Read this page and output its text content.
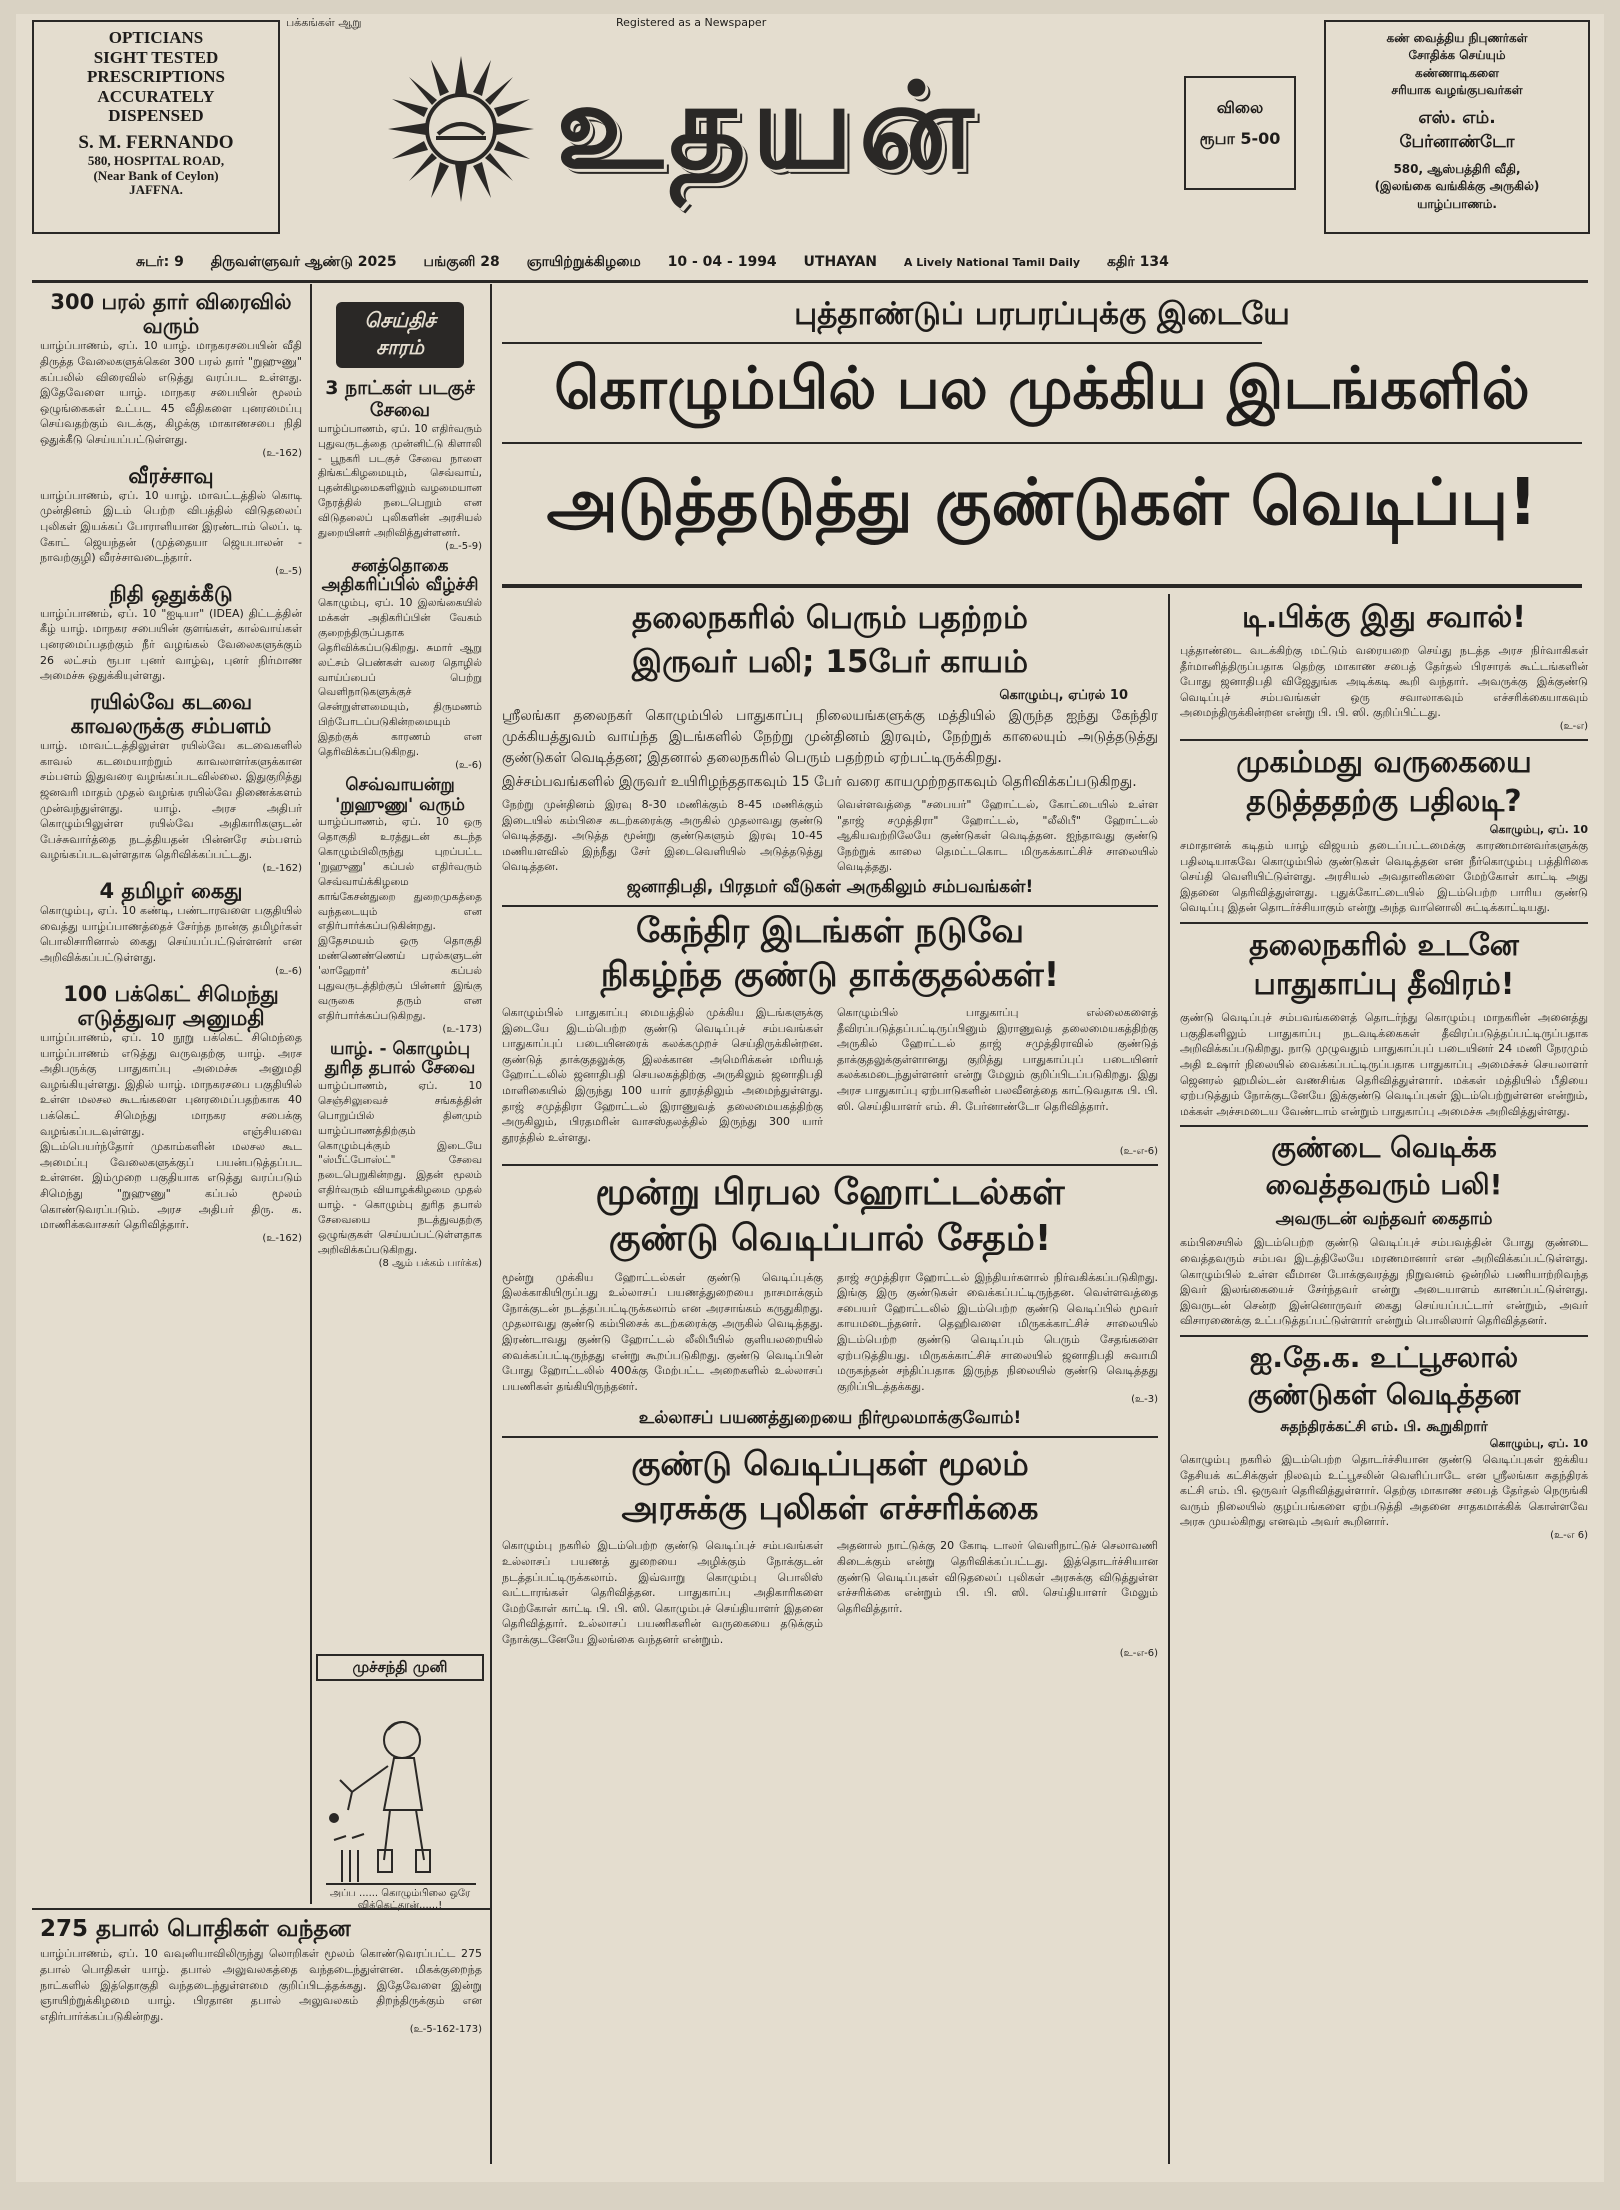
பக்கங்கள் ஆறு	Registered as a Newspaper
OPTICIANS
SIGHT TESTED
PRESCRIPTIONS
ACCURATELY
DISPENSED
S. M. FERNANDO
580, HOSPITAL ROAD,
(Near Bank of Ceylon)
JAFFNA.	உதயன்	விலை
ரூபா 5-00
கண் வைத்திய நிபுணர்கள்
சோதிக்க செய்யும்
கண்ணாடிகளை
சரியாக வழங்குபவர்கள்
எஸ். எம்.
பேர்னாண்டோ
580, ஆஸ்பத்திரி வீதி,
(இலங்கை வங்கிக்கு அருகில்)
யாழ்ப்பாணம்.
சுடர்: 9 திருவள்ளுவர் ஆண்டு 2025 பங்குனி 28 ஞாயிற்றுக்கிழமை 10 - 04 - 1994 UTHAYAN A Lively National Tamil Daily கதிர் 134
300 பரல் தார் விரைவில் வரும்
யாழ்ப்பாணம், ஏப். 10 யாழ். மாநகரசபையின் வீதி திருத்த வேலைகளுக்கென 300 பரல் தார் "றுஹுணு" கப்பலில் விரைவில் எடுத்து வரப்பட உள்ளது. இதேவேளை யாழ். மாநகர சபையின் மூலம் ஒழுங்கைகள் உட்பட 45 வீதிகளை புனரமைப்பு செய்வதற்கும் வடக்கு, கிழக்கு மாகாணசபை நிதி ஒதுக்கீடு செய்யப்பட்டுள்ளது.
(உ-162)
வீரச்சாவு
யாழ்ப்பாணம், ஏப். 10 யாழ். மாவட்டத்தில் கொடி முன்தினம் இடம் பெற்ற விபத்தில் விடுதலைப் புலிகள் இயக்கப் போராளியான இரண்டாம் லெப். டி கோட் ஜெயந்தன் (முத்தையா ஜெயபாலன் - நாவற்குழி) வீரச்சாவடைந்தார்.
(உ-5)
நிதி ஒதுக்கீடு
யாழ்ப்பாணம், ஏப். 10 "ஐடியா" (IDEA) திட்டத்தின் கீழ் யாழ். மாநகர சபையின் குளங்கள், கால்வாய்கள் புனரமைப்பதற்கும் நீர் வழங்கல் வேலைகளுக்கும் 26 லட்சம் ரூபா புனர் வாழ்வு, புனர் நிர்மாண அமைச்சு ஒதுக்கியுள்ளது.
ரயில்வே கடவை காவலருக்கு சம்பளம்
யாழ். மாவட்டத்திலுள்ள ரயில்வே கடவைகளில் காவல் கடமையாற்றும் காவலாளர்களுக்கான சம்பளம் இதுவரை வழங்கப்படவில்லை. இதுகுறித்து ஜனவரி மாதம் முதல் வழங்க ரயில்வே திணைக்களம் முன்வந்துள்ளது. யாழ். அரச அதிபர் கொழும்பிலுள்ள ரயில்வே அதிகாரிகளுடன் பேச்சுவார்த்தை நடத்தியதன் பின்னரே சம்பளம் வழங்கப்படவுள்ளதாக தெரிவிக்கப்பட்டது.
(உ-162)
4 தமிழர் கைது
கொழும்பு, ஏப். 10 கண்டி, பண்டாரவளை பகுதியில் வைத்து யாழ்ப்பாணத்தைச் சேர்ந்த நான்கு தமிழர்கள் பொலிசாரினால் கைது செய்யப்பட்டுள்ளனர் என அறிவிக்கப்பட்டுள்ளது.
(உ-6)
100 பக்கெட் சிமெந்து எடுத்துவர அனுமதி
யாழ்ப்பாணம், ஏப். 10 நூறு பக்கெட் சிமெந்தை யாழ்ப்பாணம் எடுத்து வருவதற்கு யாழ். அரச அதிபருக்கு பாதுகாப்பு அமைச்சு அனுமதி வழங்கியுள்ளது. இதில் யாழ். மாநகரசபை பகுதியில் உள்ள மலசல கூடங்களை புனரமைப்பதற்காக 40 பக்கெட் சிமெந்து மாநகர சபைக்கு வழங்கப்படவுள்ளது. எஞ்சியவை இடம்பெயர்ந்தோர் முகாம்களின் மலசல கூட அமைப்பு வேலைகளுக்குப் பயன்படுத்தப்பட உள்ளன. இம்முறை பகுதியாக எடுத்து வரப்படும் சிமெந்து "றுஹுணு" கப்பல் மூலம் கொண்டுவரப்படும். அரச அதிபர் திரு. க. மாணிக்கவாசகர் தெரிவித்தார்.
(உ-162)
செய்திச்
சாரம்
3 நாட்கள் படகுச் சேவை
யாழ்ப்பாணம், ஏப். 10 எதிர்வரும் புதுவருடத்தை முன்னிட்டு கிளாலி - பூநகரி படகுச் சேவை நாளை திங்கட்கிழமையும், செவ்வாய், புதன்கிழமைகளிலும் வழமையான நேரத்தில் நடைபெறும் என விடுதலைப் புலிகளின் அரசியல் துறையினர் அறிவித்துள்ளனர்.
(உ-5-9)
சனத்தொகை அதிகரிப்பில் வீழ்ச்சி
கொழும்பு, ஏப். 10 இலங்கையில் மக்கள் அதிகரிப்பின் வேகம் குறைந்திருப்பதாக தெரிவிக்கப்படுகிறது. சுமார் ஆறு லட்சம் பெண்கள் வரை தொழில் வாய்ப்பைப் பெற்று வெளிநாடுகளுக்குச் சென்றுள்ளமையும், திருமணம் பிற்போடப்படுகின்றமையும் இதற்குக் காரணம் என தெரிவிக்கப்படுகிறது.
(உ-6)
செவ்வாயன்று 'றுஹுணு' வரும்
யாழ்ப்பாணம், ஏப். 10 ஒரு தொகுதி உரத்துடன் கடந்த கொழும்பிலிருந்து புறப்பட்ட 'றுஹுணு' கப்பல் எதிர்வரும் செவ்வாய்க்கிழமை காங்கேசன்துறை துறைமுகத்தை வந்தடையும் என எதிர்பார்க்கப்படுகின்றது. இதேசமயம் ஒரு தொகுதி மண்ணெண்ணெய் பரல்களுடன் 'லாஹோர்' கப்பல் புதுவருடத்திற்குப் பின்னர் இங்கு வருகை தரும் என எதிர்பார்க்கப்படுகிறது.
(உ-173)
யாழ். - கொழும்பு துரித தபால் சேவை
யாழ்ப்பாணம், ஏப். 10 செஞ்சிலுவைச் சங்கத்தின் பொறுப்பில் தினமும் யாழ்ப்பாணத்திற்கும் கொழும்புக்கும் இடையே "ஸ்பீட்போஸ்ட்" சேவை நடைபெறுகின்றது. இதன் மூலம் எதிர்வரும் வியாழக்கிழமை முதல் யாழ். - கொழும்பு துரித தபால் சேவையை நடத்துவதற்கு ஒழுங்குகள் செய்யப்பட்டுள்ளதாக அறிவிக்கப்படுகிறது.
(8 ஆம் பக்கம் பார்க்க)
முச்சந்தி முனி
அப்ப ...... கொழும்பிலை ஒரே விக்கெட்தான்......!
275 தபால் பொதிகள் வந்தன
யாழ்ப்பாணம், ஏப். 10 வவுனியாவிலிருந்து லொறிகள் மூலம் கொண்டுவரப்பட்ட 275 தபால் பொதிகள் யாழ். தபால் அலுவலகத்தை வந்தடைந்துள்ளன. மிகக்குறைந்த நாட்களில் இத்தொகுதி வந்தடைந்துள்ளமை குறிப்பிடத்தக்கது. இதேவேளை இன்று ஞாயிற்றுக்கிழமை யாழ். பிரதான தபால் அலுவலகம் திறந்திருக்கும் என எதிர்பார்க்கப்படுகின்றது.
(உ-5-162-173)
புத்தாண்டுப் பரபரப்புக்கு இடையே
கொழும்பில் பல முக்கிய இடங்களில்
அடுத்தடுத்து குண்டுகள் வெடிப்பு!
தலைநகரில் பெரும் பதற்றம்
இருவர் பலி; 15பேர் காயம்
கொழும்பு, ஏப்ரல் 10

ஸ்ரீலங்கா தலைநகர் கொழும்பில் பாதுகாப்பு நிலையங்களுக்கு மத்தியில் இருந்த ஐந்து கேந்திர முக்கியத்துவம் வாய்ந்த இடங்களில் நேற்று முன்தினம் இரவும், நேற்றுக் காலையும் அடுத்தடுத்து குண்டுகள் வெடித்தன; இதனால் தலைநகரில் பெரும் பதற்றம் ஏற்பட்டிருக்கிறது.

இச்சம்பவங்களில் இருவர் உயிரிழந்ததாகவும் 15 பேர் வரை காயமுற்றதாகவும் தெரிவிக்கப்படுகிறது.

நேற்று முன்தினம் இரவு 8-30 மணிக்கும் 8-45 மணிக்கும் இடையில் கம்பிசை கடற்கரைக்கு அருகில் முதலாவது குண்டு வெடித்தது. அடுத்த மூன்று குண்டுகளும் இரவு 10-45 மணியளவில் இந்நீது சேர் இடைவெளியில் அடுத்தடுத்து வெடித்தன.
வெள்ளவத்தை "சபையர்" ஹோட்டல், கோட்டையில் உள்ள "தாஜ் சமுத்திரா" ஹோட்டல், "லீலிபீ" ஹோட்டல் ஆகியவற்றிலேயே குண்டுகள் வெடித்தன. ஐந்தாவது குண்டு நேற்றுக் காலை தெமட்டகொட மிருகக்காட்சிச் சாலையில் வெடித்தது.
ஜனாதிபதி, பிரதமர் வீடுகள் அருகிலும் சம்பவங்கள்!
கேந்திர இடங்கள் நடுவே
நிகழ்ந்த குண்டு தாக்குதல்கள்!
கொழும்பில் பாதுகாப்பு மையத்தில் முக்கிய இடங்களுக்கு இடையே இடம்பெற்ற குண்டு வெடிப்புச் சம்பவங்கள் பாதுகாப்புப் படையினரைக் கலக்கமுறச் செய்திருக்கின்றன. குண்டுத் தாக்குதலுக்கு இலக்கான அமெரிக்கன் மரியத் ஹோட்டலில் ஜனாதிபதி செயலகத்திற்கு அருகிலும் ஜனாதிபதி மாளிகையில் இருந்து 100 யார் தூரத்திலும் அமைந்துள்ளது. தாஜ் சமுத்திரா ஹோட்டல் இராணுவத் தலைமையகத்திற்கு அருகிலும், பிரதமரின் வாசஸ்தலத்தில் இருந்து 300 யார் தூரத்தில் உள்ளது.
கொழும்பில் பாதுகாப்பு எல்லைகளைத் தீவிரப்படுத்தப்பட்டிருப்பினும் இராணுவத் தலைமையகத்திற்கு அருகில் ஹோட்டல் தாஜ் சமுத்திராவில் குண்டுத் தாக்குதலுக்குள்ளானது குறித்து பாதுகாப்புப் படையினர் கலக்கமடைந்துள்ளனர் என்று மேலும் குறிப்பிடப்படுகிறது. இது அரச பாதுகாப்பு ஏற்பாடுகளின் பலவீனத்தை காட்டுவதாக பி. பி. ஸி. செய்தியாளர் எம். சி. பேர்னாண்டோ தெரிவித்தார்.
(உ-எ-6)
மூன்று பிரபல ஹோட்டல்கள்
குண்டு வெடிப்பால் சேதம்!
மூன்று முக்கிய ஹோட்டல்கள் குண்டு வெடிப்புக்கு இலக்காகியிருப்பது உல்லாசப் பயணத்துறையை நாசமாக்கும் நோக்குடன் நடத்தப்பட்டிருக்கலாம் என அரசாங்கம் கருதுகிறது. முதலாவது குண்டு கம்பிசைக் கடற்கரைக்கு அருகில் வெடித்தது. இரண்டாவது குண்டு ஹோட்டல் லீலிபீயில் குளியலறையில் வைக்கப்பட்டிருந்தது என்று கூறப்படுகிறது. குண்டு வெடிப்பின் போது ஹோட்டலில் 400க்கு மேற்பட்ட அறைகளில் உல்லாசப் பயணிகள் தங்கியிருந்தனர்.
தாஜ் சமுத்திரா ஹோட்டல் இந்தியர்களால் நிர்வகிக்கப்படுகிறது. இங்கு இரு குண்டுகள் வைக்கப்பட்டிருந்தன. வெள்ளவத்தை சபையர் ஹோட்டலில் இடம்பெற்ற குண்டு வெடிப்பில் மூவர் காயமடைந்தனர். தெஹிவளை மிருகக்காட்சிச் சாலையில் இடம்பெற்ற குண்டு வெடிப்பும் பெரும் சேதங்களை ஏற்படுத்தியது. மிருகக்காட்சிச் சாலையில் ஜனாதிபதி சுவாமி மருகந்தன் சந்திப்பதாக இருந்த நிலையில் குண்டு வெடித்தது குறிப்பிடத்தக்கது.
(உ-3)
உல்லாசப் பயணத்துறையை நிர்மூலமாக்குவோம்!
குண்டு வெடிப்புகள் மூலம்
அரசுக்கு புலிகள் எச்சரிக்கை
கொழும்பு நகரில் இடம்பெற்ற குண்டு வெடிப்புச் சம்பவங்கள் உல்லாசப் பயணத் துறையை அழிக்கும் நோக்குடன் நடத்தப்பட்டிருக்கலாம். இவ்வாறு கொழும்பு பொலிஸ் வட்டாரங்கள் தெரிவித்தன. பாதுகாப்பு அதிகாரிகளை மேற்கோள் காட்டி பி. பி. ஸி. கொழும்புச் செய்தியாளர் இதனை தெரிவித்தார். உல்லாசப் பயணிகளின் வருகையை தடுக்கும் நோக்குடனேயே இலங்கை வந்தனர் என்றும்.
அதனால் நாட்டுக்கு 20 கோடி டாலர் வெளிநாட்டுச் செலாவணி கிடைக்கும் என்று தெரிவிக்கப்பட்டது. இத்தொடர்ச்சியான குண்டு வெடிப்புகள் விடுதலைப் புலிகள் அரசுக்கு விடுத்துள்ள எச்சரிக்கை என்றும் பி. பி. ஸி. செய்தியாளர் மேலும் தெரிவித்தார்.
(உ-எ-6)
டி.பிக்கு இது சவால்!
புத்தாண்டை வடக்கிற்கு மட்டும் வரையறை செய்து நடத்த அரச நிர்வாகிகள் தீர்மானித்திருப்பதாக தெற்கு மாகாண சபைத் தேர்தல் பிரசாரக் கூட்டங்களின் போது ஜனாதிபதி விஜேதுங்க அடிக்கடி கூறி வந்தார். அவருக்கு இக்குண்டு வெடிப்புச் சம்பவங்கள் ஒரு சவாலாகவும் எச்சரிக்கையாகவும் அமைந்திருக்கின்றன என்று பி. பி. ஸி. குறிப்பிட்டது.
(உ-எ)
முகம்மது வருகையை
தடுத்ததற்கு பதிலடி?
கொழும்பு, ஏப். 10
சமாதானக் கடிதம் யாழ் விஜயம் தடைப்பட்டமைக்கு காரணமானவர்களுக்கு பதிலடியாகவே கொழும்பில் குண்டுகள் வெடித்தன என நீர்கொழும்பு பத்திரிகை செய்தி வெளியிட்டுள்ளது. அரசியல் அவதானிகளை மேற்கோள் காட்டி அது இதனை தெரிவித்துள்ளது. புதுக்கோட்டையில் இடம்பெற்ற பாரிய குண்டு வெடிப்பு இதன் தொடர்ச்சியாகும் என்று அந்த வானொலி சுட்டிக்காட்டியது.
தலைநகரில் உடனே
பாதுகாப்பு தீவிரம்!
குண்டு வெடிப்புச் சம்பவங்களைத் தொடர்ந்து கொழும்பு மாநகரின் அனைத்து பகுதிகளிலும் பாதுகாப்பு நடவடிக்கைகள் தீவிரப்படுத்தப்பட்டிருப்பதாக அறிவிக்கப்படுகிறது. நாடு முழுவதும் பாதுகாப்புப் படையினர் 24 மணி நேரமும் அதி உஷார் நிலையில் வைக்கப்பட்டிருப்பதாக பாதுகாப்பு அமைச்சுச் செயலாளர் ஜெனரல் ஹமில்டன் வணசிங்க தெரிவித்துள்ளார். மக்கள் மத்தியில் பீதியை ஏற்படுத்தும் நோக்குடனேயே இக்குண்டு வெடிப்புகள் இடம்பெற்றுள்ளன என்றும், மக்கள் அச்சமடைய வேண்டாம் என்றும் பாதுகாப்பு அமைச்சு அறிவித்துள்ளது.
குண்டை வெடிக்க
வைத்தவரும் பலி!
அவருடன் வந்தவர் கைதாம்
கம்பிசையில் இடம்பெற்ற குண்டு வெடிப்புச் சம்பவத்தின் போது குண்டை வைத்தவரும் சம்பவ இடத்திலேயே மரணமானார் என அறிவிக்கப்பட்டுள்ளது. கொழும்பில் உள்ள வீமான போக்குவரத்து நிறுவனம் ஒன்றில் பணியாற்றிவந்த இவர் இலங்கையைச் சேர்ந்தவர் என்று அடையாளம் காணப்பட்டுள்ளது. இவருடன் சென்ற இன்னொருவர் கைது செய்யப்பட்டார் என்றும், அவர் விசாரணைக்கு உட்படுத்தப்பட்டுள்ளார் என்றும் பொலிஸார் தெரிவித்தனர்.
ஐ.தே.க. உட்பூசலால்
குண்டுகள் வெடித்தன
சுதந்திரக்கட்சி எம். பி. கூறுகிறார்
கொழும்பு, ஏப். 10
கொழும்பு நகரில் இடம்பெற்ற தொடர்ச்சியான குண்டு வெடிப்புகள் ஐக்கிய தேசியக் கட்சிக்குள் நிலவும் உட்பூசலின் வெளிப்பாடே என ஸ்ரீலங்கா சுதந்திரக் கட்சி எம். பி. ஒருவர் தெரிவித்துள்ளார். தெற்கு மாகாண சபைத் தேர்தல் நெருங்கி வரும் நிலையில் குழப்பங்களை ஏற்படுத்தி அதனை சாதகமாக்கிக் கொள்ளவே அரசு முயல்கிறது எனவும் அவர் கூறினார்.
(உ-எ 6)
